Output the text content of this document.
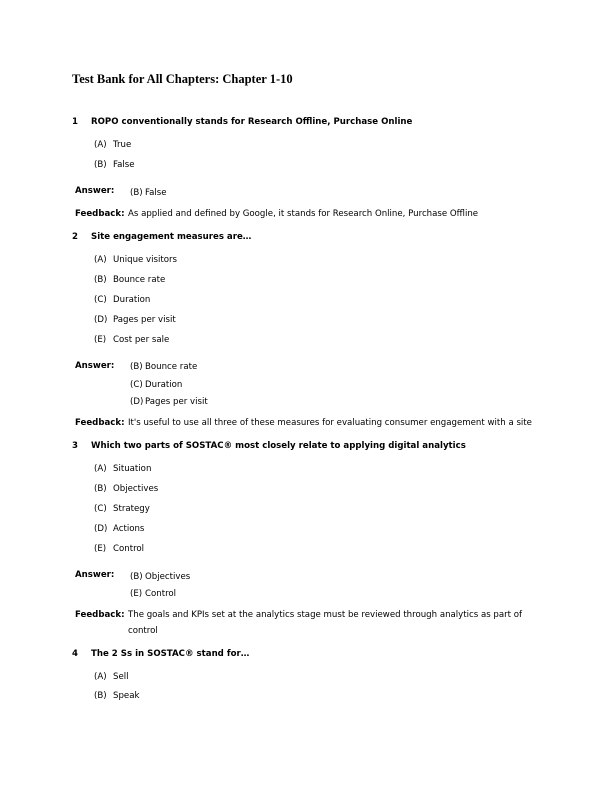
Test Bank for All Chapters: Chapter 1-10
1 ROPO conventionally stands for Research Offline, Purchase Online
(A) True
(B) False
Answer: (B) False
Feedback: As applied and defined by Google, it stands for Research Online, Purchase Offline
2 Site engagement measures are…
(A) Unique visitors
(B) Bounce rate
(C) Duration
(D) Pages per visit
(E) Cost per sale
Answer: (B) Bounce rate
(C) Duration
(D) Pages per visit
Feedback: It's useful to use all three of these measures for evaluating consumer engagement with a site
3 Which two parts of SOSTAC® most closely relate to applying digital analytics
(A) Situation
(B) Objectives
(C) Strategy
(D) Actions
(E) Control
Answer: (B) Objectives
(E) Control
Feedback: The goals and KPIs set at the analytics stage must be reviewed through analytics as part of control
4 The 2 Ss in SOSTAC® stand for…
(A) Sell
(B) Speak
